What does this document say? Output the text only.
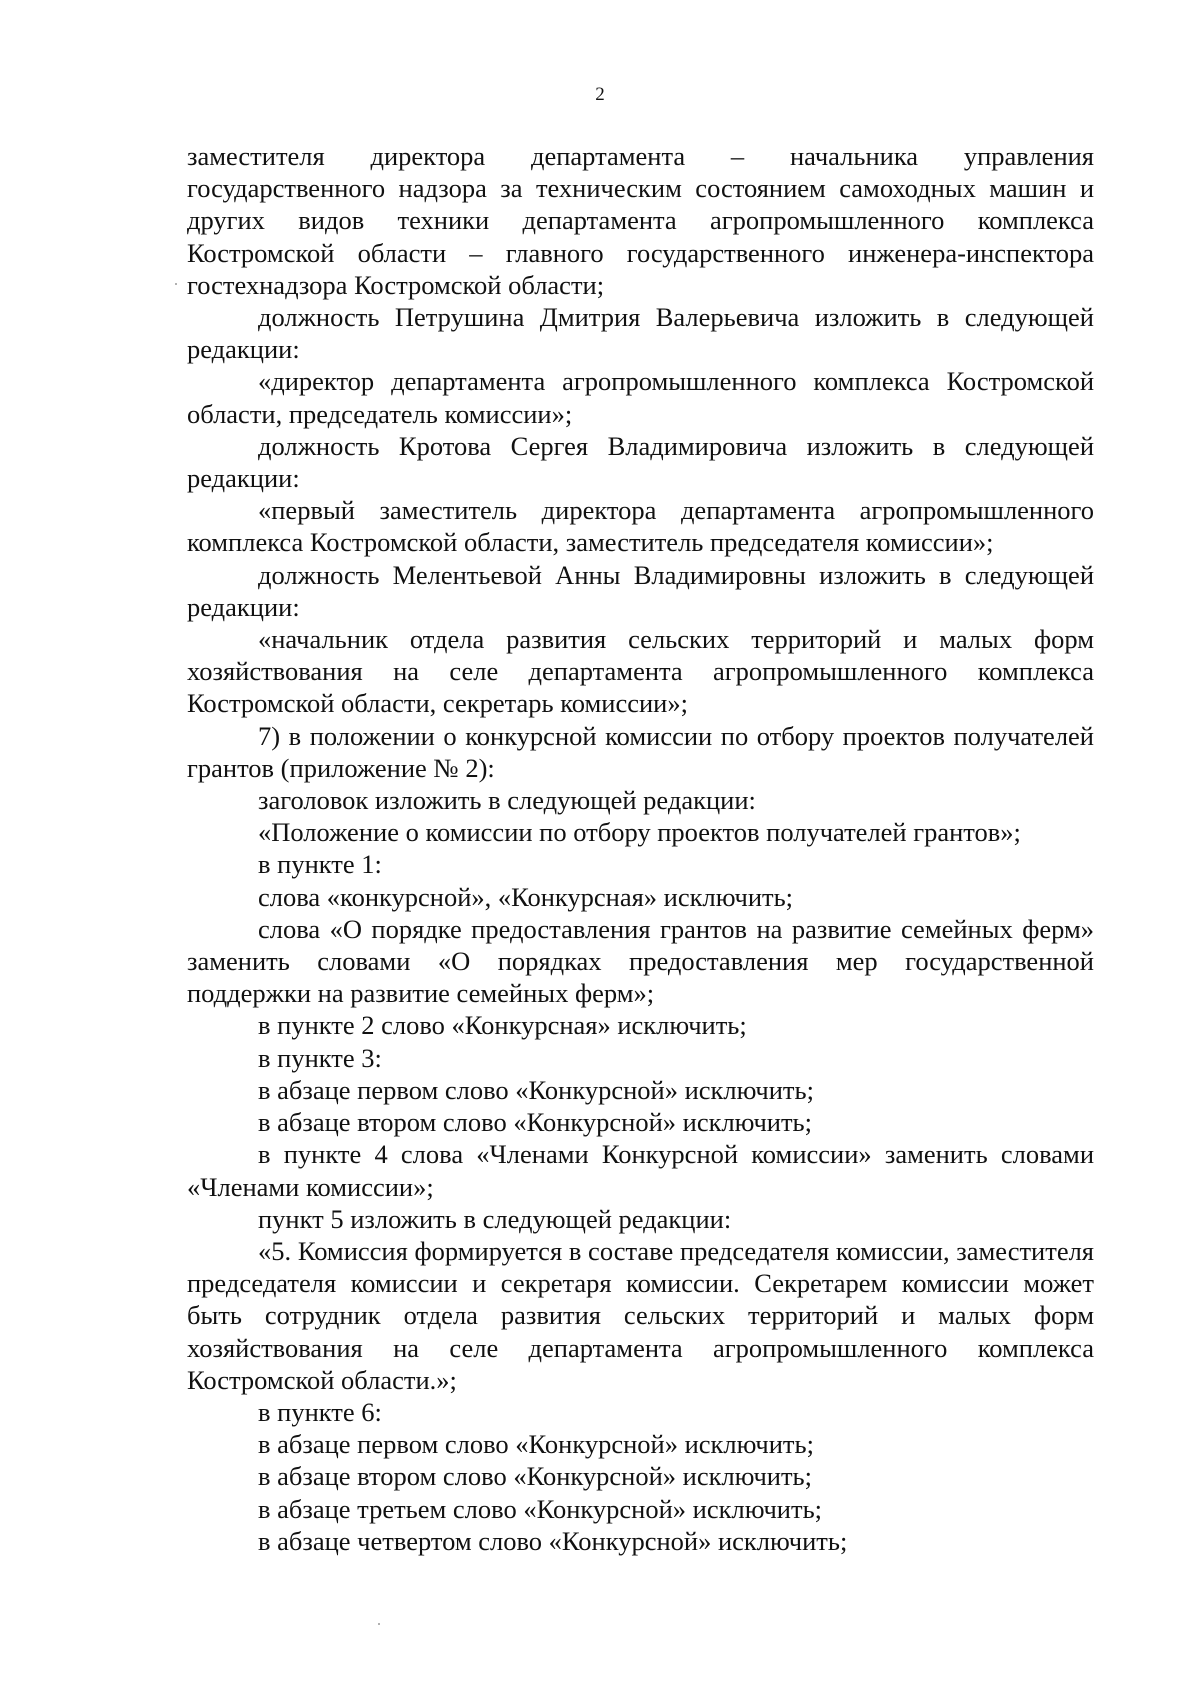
2

заместителя директора департамента – начальника управления государственного надзора за техническим состоянием самоходных машин и других видов техники департамента агропромышленного комплекса Костромской области – главного государственного инженера-инспектора гостехнадзора Костромской области;

должность Петрушина Дмитрия Валерьевича изложить в следующей редакции:

«директор департамента агропромышленного комплекса Костромской области, председатель комиссии»;

должность Кротова Сергея Владимировича изложить в следующей редакции:

«первый заместитель директора департамента агропромышленного комплекса Костромской области, заместитель председателя комиссии»;

должность Мелентьевой Анны Владимировны изложить в следующей редакции:

«начальник отдела развития сельских территорий и малых форм хозяйствования на селе департамента агропромышленного комплекса Костромской области, секретарь комиссии»;

7) в положении о конкурсной комиссии по отбору проектов получателей грантов (приложение № 2):

заголовок изложить в следующей редакции:

«Положение о комиссии по отбору проектов получателей грантов»;

в пункте 1:

слова «конкурсной», «Конкурсная» исключить;

слова «О порядке предоставления грантов на развитие семейных ферм» заменить словами «О порядках предоставления мер государственной поддержки на развитие семейных ферм»;

в пункте 2 слово «Конкурсная» исключить;

в пункте 3:

в абзаце первом слово «Конкурсной» исключить;

в абзаце втором слово «Конкурсной» исключить;

в пункте 4 слова «Членами Конкурсной комиссии» заменить словами «Членами комиссии»;

пункт 5 изложить в следующей редакции:

«5. Комиссия формируется в составе председателя комиссии, заместителя председателя комиссии и секретаря комиссии. Секретарем комиссии может быть сотрудник отдела развития сельских территорий и малых форм хозяйствования на селе департамента агропромышленного комплекса Костромской области.»;

в пункте 6:

в абзаце первом слово «Конкурсной» исключить;

в абзаце втором слово «Конкурсной» исключить;

в абзаце третьем слово «Конкурсной» исключить;

в абзаце четвертом слово «Конкурсной» исключить;
